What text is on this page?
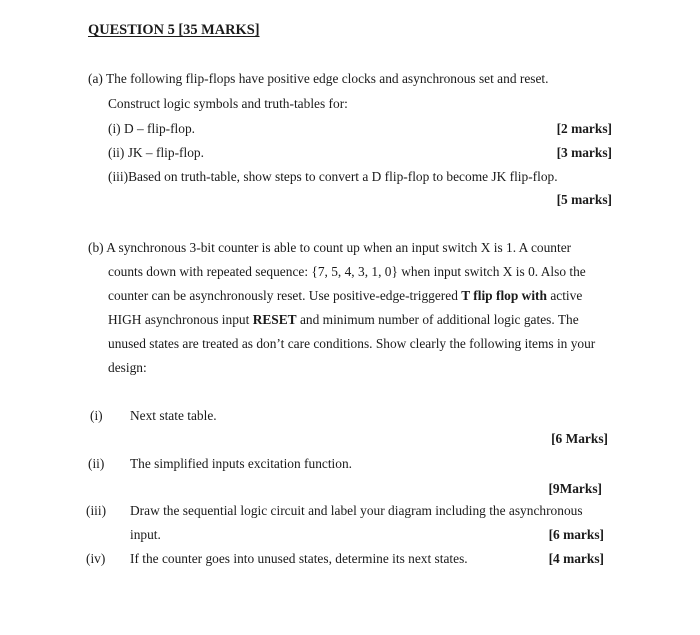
QUESTION 5 [35 MARKS]
(a) The following flip-flops have positive edge clocks and asynchronous set and reset.
Construct logic symbols and truth-tables for:
(i) D – flip-flop.	[2 marks]
(ii) JK – flip-flop.	[3 marks]
(iii)Based on truth-table, show steps to convert a D flip-flop to become JK flip-flop.
[5 marks]
(b) A synchronous 3-bit counter is able to count up when an input switch X is 1. A counter
counts down with repeated sequence: {7, 5, 4, 3, 1, 0} when input switch X is 0. Also the
counter can be asynchronously reset. Use positive-edge-triggered T flip flop with active
HIGH asynchronous input RESET and minimum number of additional logic gates. The
unused states are treated as don’t care conditions. Show clearly the following items in your
design:
(i) Next state table.
[6 Marks]
(ii) The simplified inputs excitation function.
[9Marks]
(iii) Draw the sequential logic circuit and label your diagram including the asynchronous
input.	[6 marks]
(iv) If the counter goes into unused states, determine its next states.	[4 marks]
